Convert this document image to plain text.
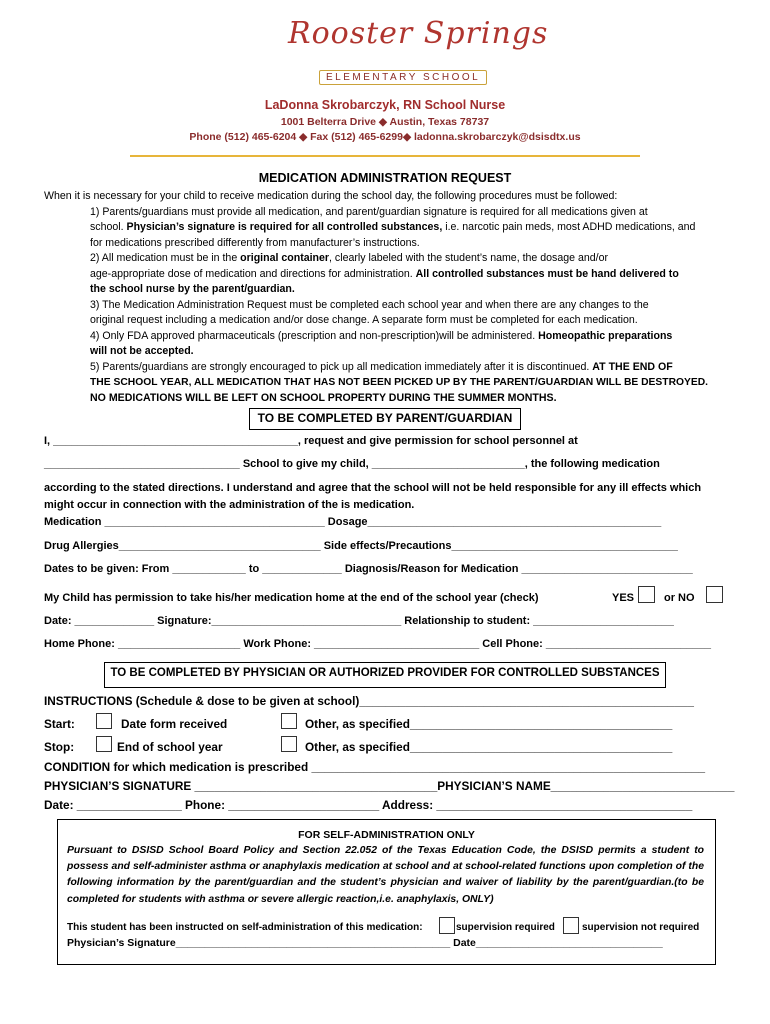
Rooster Springs
ELEMENTARY SCHOOL
LaDonna Skrobarczyk, RN School Nurse
1001 Belterra Drive ◆ Austin, Texas 78737
Phone (512) 465-6204 ◆ Fax (512) 465-6299◆ ladonna.skrobarczyk@dsisdtx.us
MEDICATION ADMINISTRATION REQUEST
When it is necessary for your child to receive medication during the school day, the following procedures must be followed:
1) Parents/guardians must provide all medication, and parent/guardian signature is required for all medications given at
school. Physician’s signature is required for all controlled substances, i.e. narcotic pain meds, most ADHD medications, and
for medications prescribed differently from manufacturer’s instructions.
2) All medication must be in the original container, clearly labeled with the student’s name, the dosage and/or
age-appropriate dose of medication and directions for administration. All controlled substances must be hand delivered to
the school nurse by the parent/guardian.
3) The Medication Administration Request must be completed each school year and when there are any changes to the
original request including a medication and/or dose change. A separate form must be completed for each medication.
4) Only FDA approved pharmaceuticals (prescription and non-prescription)will be administered. Homeopathic preparations
will not be accepted.
5) Parents/guardians are strongly encouraged to pick up all medication immediately after it is discontinued. AT THE END OF
THE SCHOOL YEAR, ALL MEDICATION THAT HAS NOT BEEN PICKED UP BY THE PARENT/GUARDIAN WILL BE DESTROYED.
NO MEDICATIONS WILL BE LEFT ON SCHOOL PROPERTY DURING THE SUMMER MONTHS.
TO BE COMPLETED BY PARENT/GUARDIAN
I, ________________________________________, request and give permission for school personnel at
________________________________ School to give my child, _________________________, the following medication
according to the stated directions. I understand and agree that the school will not be held responsible for any ill effects which
might occur in connection with the administration of the is medication.
Medication ____________________________________ Dosage________________________________________________
Drug Allergies_________________________________ Side effects/Precautions_____________________________________
Dates to be given: From ____________ to _____________ Diagnosis/Reason for Medication ____________________________
My Child has permission to take his/her medication home at the end of the school year (check)	YES	or NO
Date: _____________ Signature:_______________________________ Relationship to student: _______________________
Home Phone: ____________________ Work Phone: ___________________________ Cell Phone: ___________________________
TO BE COMPLETED BY PHYSICIAN OR AUTHORIZED PROVIDER FOR CONTROLLED SUBSTANCES
INSTRUCTIONS (Schedule & dose to be given at school)___________________________________________________
Start:	Date form received	Other, as specified________________________________________
Stop:	End of school year	Other, as specified________________________________________
CONDITION for which medication is prescribed ____________________________________________________________
PHYSICIAN’S SIGNATURE _____________________________________PHYSICIAN’S NAME____________________________
Date: ________________ Phone: _______________________ Address: _______________________________________
FOR SELF-ADMINISTRATION ONLY
Pursuant to DSISD School Board Policy and Section 22.052 of the Texas Education Code, the DSISD permits a student to possess and self-administer asthma or anaphylaxis medication at school and at school-related functions upon completion of the following information by the parent/guardian and the student’s physician and waiver of liability by the parent/guardian.(to be completed for students with asthma or severe allergic reaction,i.e. anaphylaxis, ONLY)
This student has been instructed on self-administration of this medication:	supervision required	supervision not required
Physician’s Signature_______________________________________________ Date________________________________
